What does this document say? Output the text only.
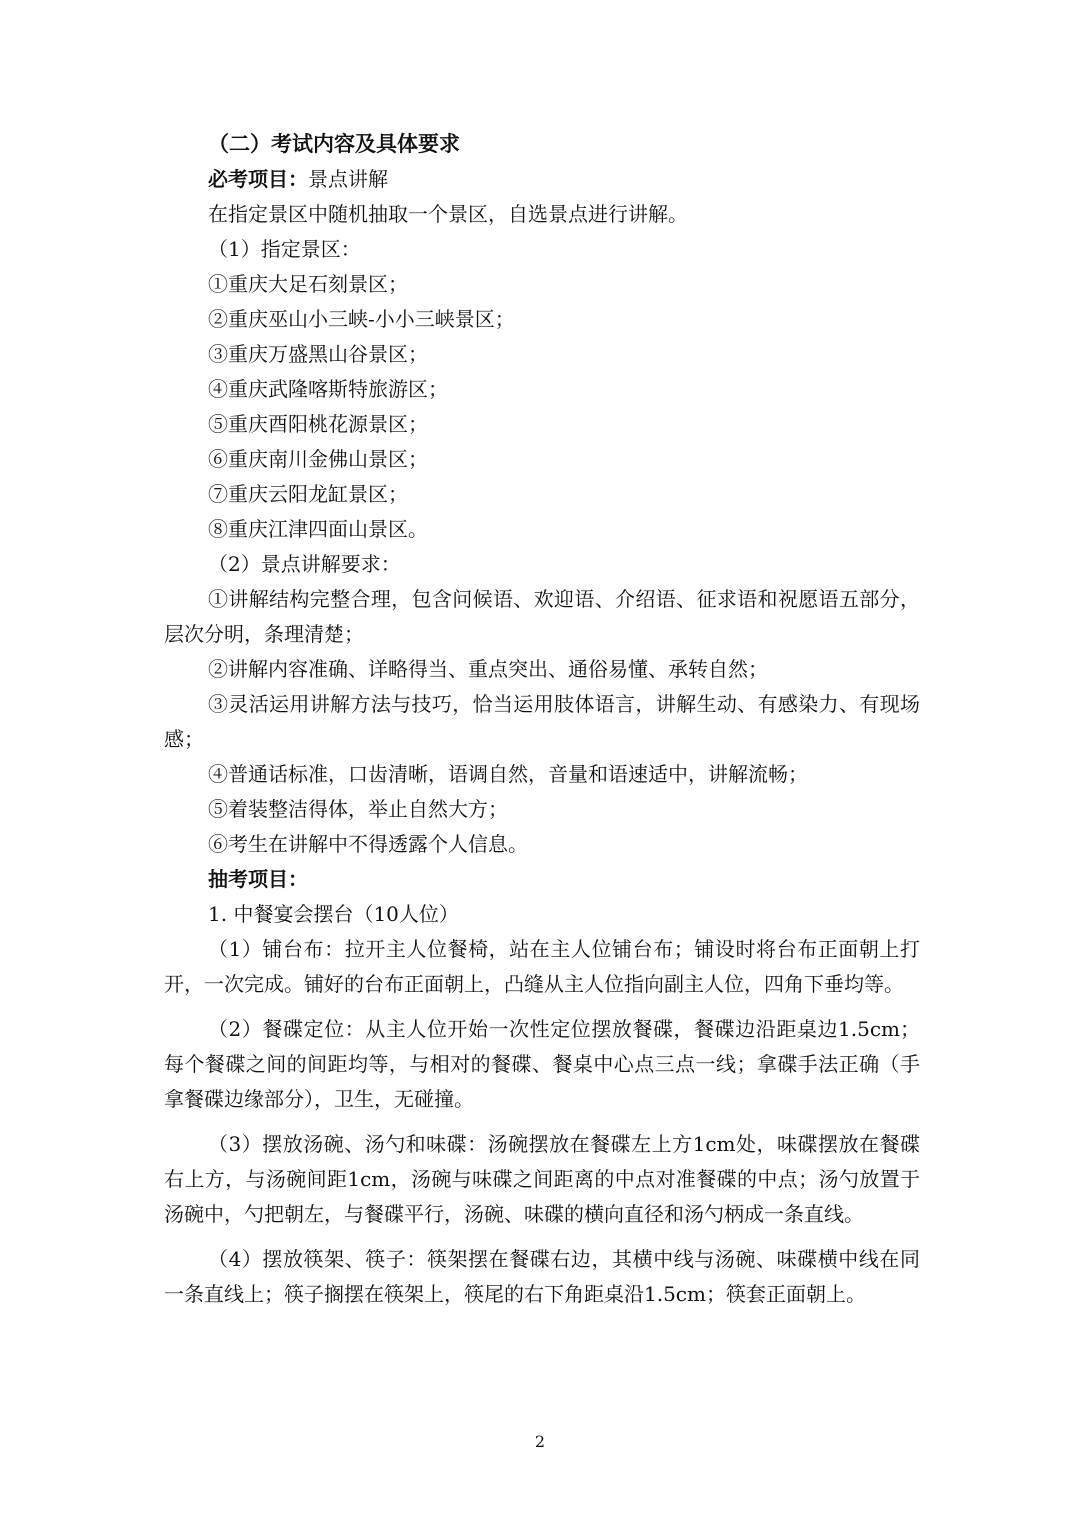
（二）考试内容及具体要求

必考项目：景点讲解

在指定景区中随机抽取一个景区，自选景点进行讲解。

（1）指定景区：

①重庆大足石刻景区；

②重庆巫山小三峡-小小三峡景区；

③重庆万盛黑山谷景区；

④重庆武隆喀斯特旅游区；

⑤重庆酉阳桃花源景区；

⑥重庆南川金佛山景区；

⑦重庆云阳龙缸景区；

⑧重庆江津四面山景区。

（2）景点讲解要求：

①讲解结构完整合理，包含问候语、欢迎语、介绍语、征求语和祝愿语五部分，层次分明，条理清楚；

②讲解内容准确、详略得当、重点突出、通俗易懂、承转自然；

③灵活运用讲解方法与技巧，恰当运用肢体语言，讲解生动、有感染力、有现场感；

④普通话标准，口齿清晰，语调自然，音量和语速适中，讲解流畅；

⑤着装整洁得体，举止自然大方；

⑥考生在讲解中不得透露个人信息。

抽考项目：

1. 中餐宴会摆台（10人位）

（1）铺台布：拉开主人位餐椅，站在主人位铺台布；铺设时将台布正面朝上打开，一次完成。铺好的台布正面朝上，凸缝从主人位指向副主人位，四角下垂均等。

（2）餐碟定位：从主人位开始一次性定位摆放餐碟，餐碟边沿距桌边1.5cm；每个餐碟之间的间距均等，与相对的餐碟、餐桌中心点三点一线；拿碟手法正确（手拿餐碟边缘部分），卫生，无碰撞。

（3）摆放汤碗、汤勺和味碟：汤碗摆放在餐碟左上方1cm处，味碟摆放在餐碟右上方，与汤碗间距1cm，汤碗与味碟之间距离的中点对准餐碟的中点；汤勺放置于汤碗中，勺把朝左，与餐碟平行，汤碗、味碟的横向直径和汤勺柄成一条直线。

（4）摆放筷架、筷子：筷架摆在餐碟右边，其横中线与汤碗、味碟横中线在同一条直线上；筷子搁摆在筷架上，筷尾的右下角距桌沿1.5cm；筷套正面朝上。

2
